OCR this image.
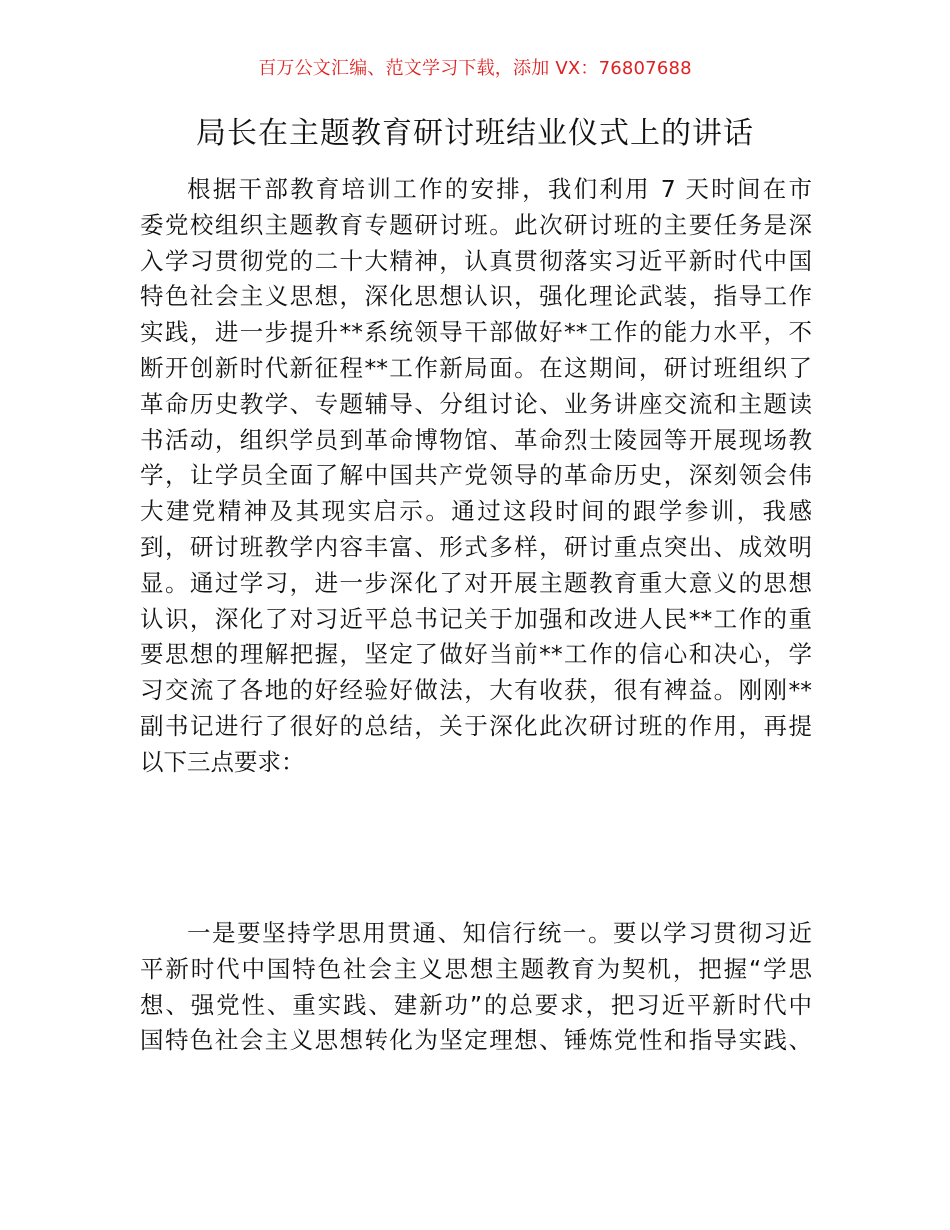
百万公文汇编、范文学习下载，添加 VX：76807688
局长在主题教育研讨班结业仪式上的讲话
根据干部教育培训工作的安排，我们利用 7 天时间在市
委党校组织主题教育专题研讨班。此次研讨班的主要任务是深
入学习贯彻党的二十大精神，认真贯彻落实习近平新时代中国
特色社会主义思想，深化思想认识，强化理论武装，指导工作
实践，进一步提升**系统领导干部做好**工作的能力水平，不
断开创新时代新征程**工作新局面。在这期间，研讨班组织了
革命历史教学、专题辅导、分组讨论、业务讲座交流和主题读
书活动，组织学员到革命博物馆、革命烈士陵园等开展现场教
学，让学员全面了解中国共产党领导的革命历史，深刻领会伟
大建党精神及其现实启示。通过这段时间的跟学参训，我感
到，研讨班教学内容丰富、形式多样，研讨重点突出、成效明
显。通过学习，进一步深化了对开展主题教育重大意义的思想
认识，深化了对习近平总书记关于加强和改进人民**工作的重
要思想的理解把握，坚定了做好当前**工作的信心和决心，学
习交流了各地的好经验好做法，大有收获，很有裨益。刚刚**
副书记进行了很好的总结，关于深化此次研讨班的作用，再提
以下三点要求：
一是要坚持学思用贯通、知信行统一。要以学习贯彻习近
平新时代中国特色社会主义思想主题教育为契机，把握“学思
想、强党性、重实践、建新功”的总要求，把习近平新时代中
国特色社会主义思想转化为坚定理想、锤炼党性和指导实践、
